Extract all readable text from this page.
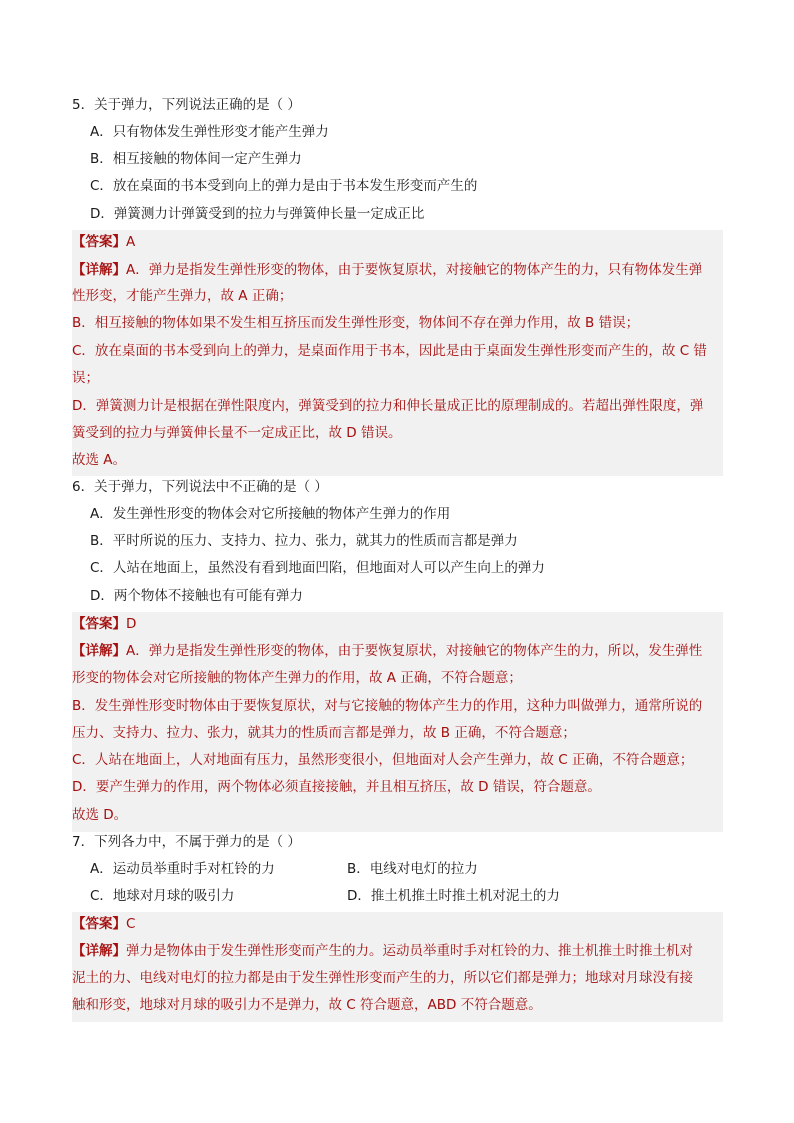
5．关于弹力，下列说法正确的是（ ）
A．只有物体发生弹性形变才能产生弹力
B．相互接触的物体间一定产生弹力
C．放在桌面的书本受到向上的弹力是由于书本发生形变而产生的
D．弹簧测力计弹簧受到的拉力与弹簧伸长量一定成正比
【答案】A
【详解】A．弹力是指发生弹性形变的物体，由于要恢复原状，对接触它的物体产生的力，只有物体发生弹
性形变，才能产生弹力，故 A 正确；
B．相互接触的物体如果不发生相互挤压而发生弹性形变，物体间不存在弹力作用，故 B 错误；
C．放在桌面的书本受到向上的弹力，是桌面作用于书本，因此是由于桌面发生弹性形变而产生的，故 C 错
误；
D．弹簧测力计是根据在弹性限度内，弹簧受到的拉力和伸长量成正比的原理制成的。若超出弹性限度，弹
簧受到的拉力与弹簧伸长量不一定成正比，故 D 错误。
故选 A。
6．关于弹力，下列说法中不正确的是（ ）
A．发生弹性形变的物体会对它所接触的物体产生弹力的作用
B．平时所说的压力、支持力、拉力、张力，就其力的性质而言都是弹力
C．人站在地面上，虽然没有看到地面凹陷，但地面对人可以产生向上的弹力
D．两个物体不接触也有可能有弹力
【答案】D
【详解】A．弹力是指发生弹性形变的物体，由于要恢复原状，对接触它的物体产生的力，所以，发生弹性
形变的物体会对它所接触的物体产生弹力的作用，故 A 正确，不符合题意；
B．发生弹性形变时物体由于要恢复原状，对与它接触的物体产生力的作用，这种力叫做弹力，通常所说的
压力、支持力、拉力、张力，就其力的性质而言都是弹力，故 B 正确，不符合题意；
C．人站在地面上，人对地面有压力，虽然形变很小，但地面对人会产生弹力，故 C 正确，不符合题意；
D．要产生弹力的作用，两个物体必须直接接触，并且相互挤压，故 D 错误，符合题意。
故选 D。
7．下列各力中，不属于弹力的是（ ）
A．运动员举重时手对杠铃的力	B．电线对电灯的拉力
C．地球对月球的吸引力	D．推土机推土时推土机对泥土的力
【答案】C
【详解】弹力是物体由于发生弹性形变而产生的力。运动员举重时手对杠铃的力、推土机推土时推土机对
泥土的力、电线对电灯的拉力都是由于发生弹性形变而产生的力，所以它们都是弹力；地球对月球没有接
触和形变，地球对月球的吸引力不是弹力，故 C 符合题意，ABD 不符合题意。
